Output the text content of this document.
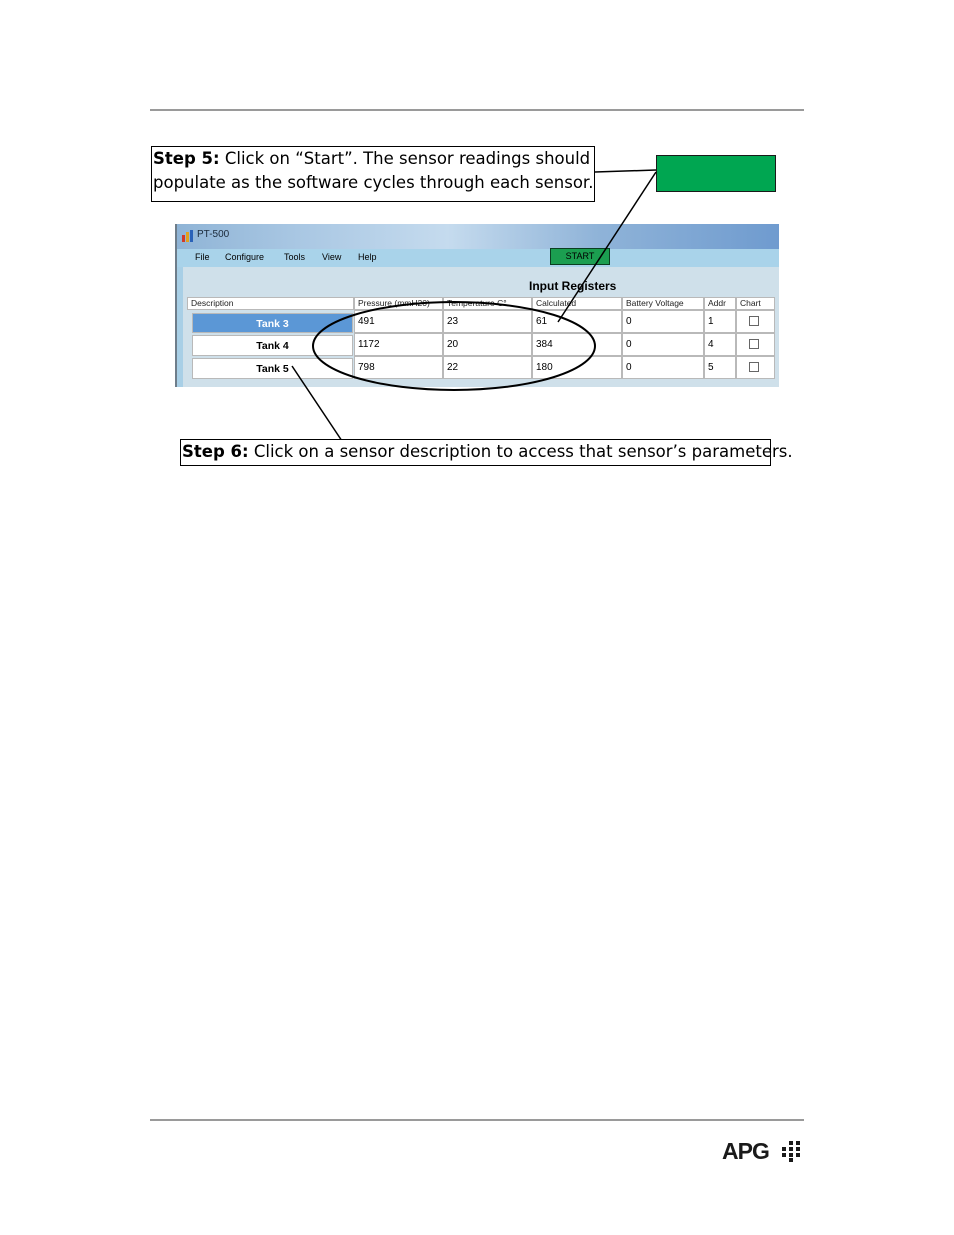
Step 5: Click on “Start”. The sensor readings should
populate as the software cycles through each sensor.
PT-500
File Configure Tools View Help	START
Input Registers
Description	Pressure (mmH20)	Temperature C°	Calculated	Battery Voltage	Addr	Chart
Tank 3	491	23	61	0	1
Tank 4	1172	20	384	0	4
Tank 5	798	22	180	0	5
Step 6: Click on a sensor description to access that sensor’s parameters.
APG
